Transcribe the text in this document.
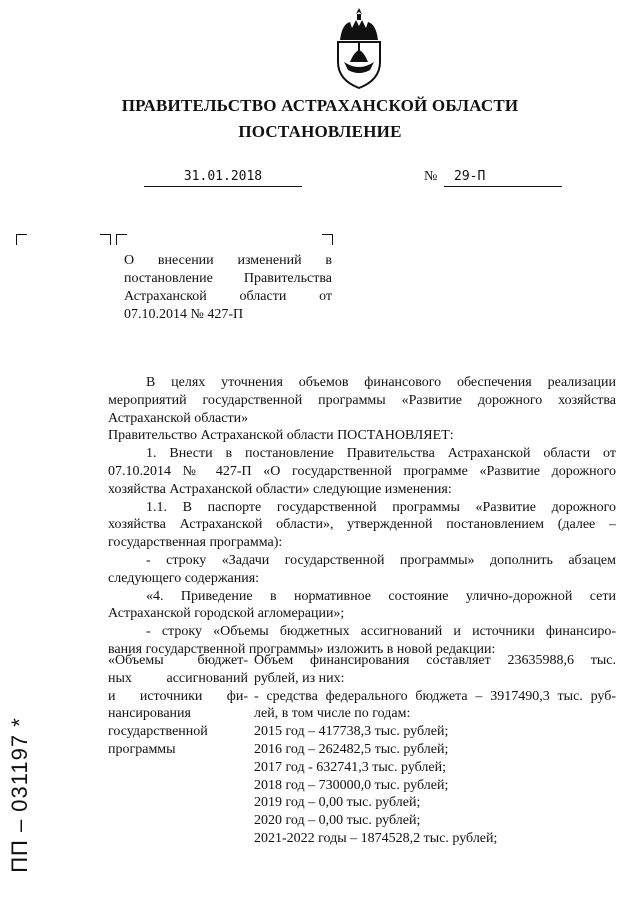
ПРАВИТЕЛЬСТВО АСТРАХАНСКОЙ ОБЛАСТИ
ПОСТАНОВЛЕНИЕ
31.01.2018	№	29-П
О внесении изменений в
постановление Правительства
Астраханской области от
07.10.2014 № 427-П
В целях уточнения объемов финансового обеспечения реализации
мероприятий государственной программы «Развитие дорожного хозяйства
Астраханской области»
Правительство Астраханской области ПОСТАНОВЛЯЕТ:
1. Внести в постановление Правительства Астраханской области от
07.10.2014 № 427-П «О государственной программе «Развитие дорожного
хозяйства Астраханской области» следующие изменения:
1.1. В паспорте государственной программы «Развитие дорожного
хозяйства Астраханской области», утвержденной постановлением (далее –
государственная программа):
- строку «Задачи государственной программы» дополнить абзацем
следующего содержания:
«4. Приведение в нормативное состояние улично-дорожной сети
Астраханской городской агломерации»;
- строку «Объемы бюджетных ассигнований и источники финансиро-
вания государственной программы» изложить в новой редакции:
«Объемы бюджет-
ных ассигнований
и источники фи-
нансирования
государственной
программы
Объем финансирования составляет 23635988,6 тыс.
рублей, из них:
- средства федерального бюджета – 3917490,3 тыс. руб-
лей, в том числе по годам:
2015 год – 417738,3 тыс. рублей;
2016 год – 262482,5 тыс. рублей;
2017 год - 632741,3 тыс. рублей;
2018 год – 730000,0 тыс. рублей;
2019 год – 0,00 тыс. рублей;
2020 год – 0,00 тыс. рублей;
2021-2022 годы – 1874528,2 тыс. рублей;
ПП – 031197 *
